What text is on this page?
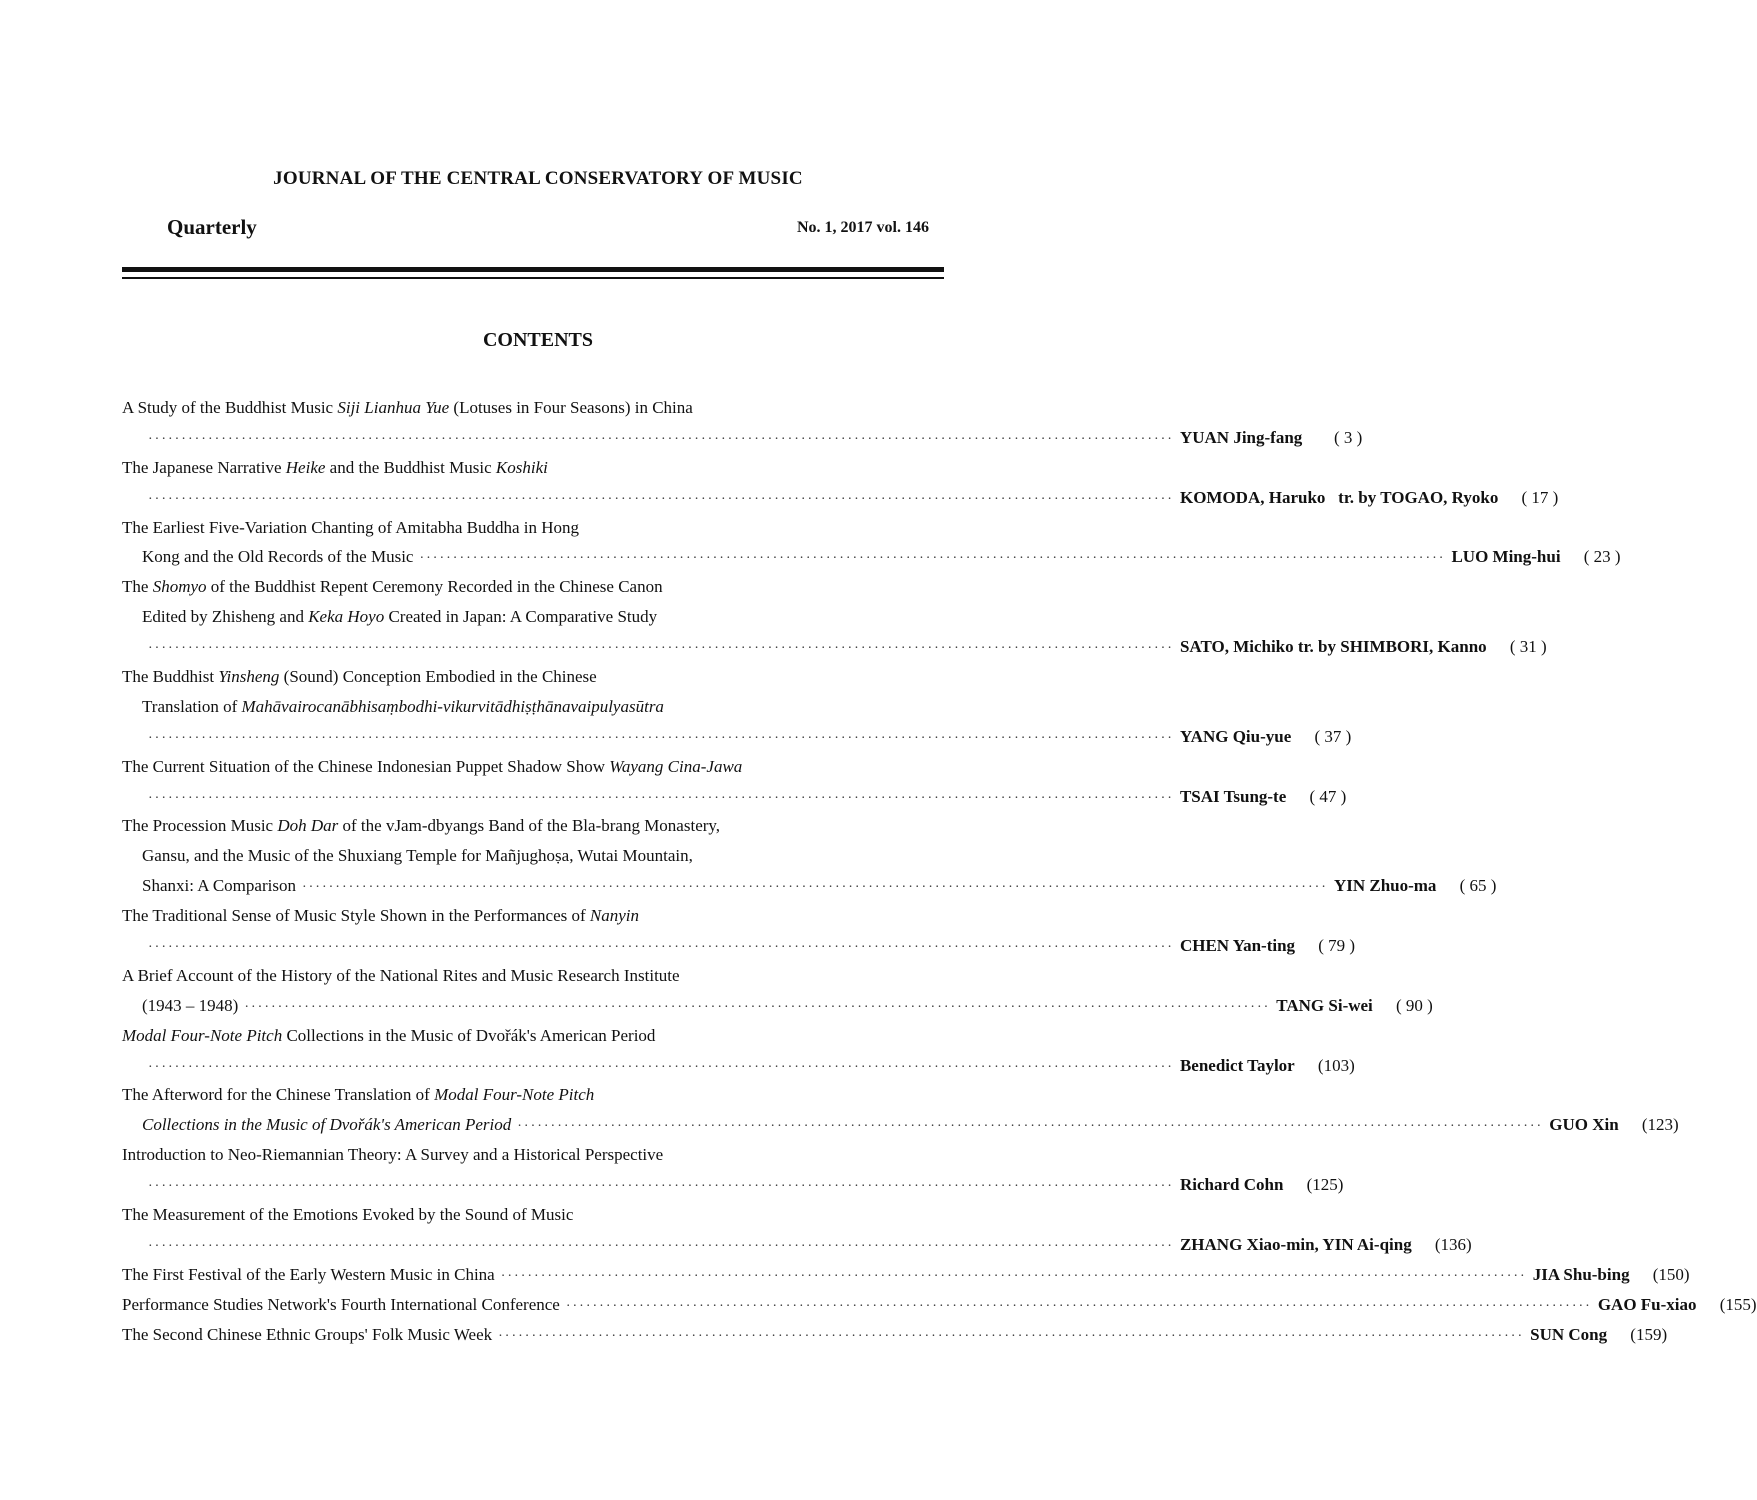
JOURNAL OF THE CENTRAL CONSERVATORY OF MUSIC
Quarterly	No. 1, 2017 vol. 146
CONTENTS
A Study of the Buddhist Music Siji Lianhua Yue (Lotuses in Four Seasons) in China
·························································································································································· YUAN Jing-fang	( 3 )
The Japanese Narrative Heike and the Buddhist Music Koshiki
·························································································································································· KOMODA, Haruko   tr. by TOGAO, Ryoko	( 17 )
The Earliest Five-Variation Chanting of Amitabha Buddha in Hong
Kong and the Old Records of the Music ·························································································································································· LUO Ming-hui	( 23 )
The Shomyo of the Buddhist Repent Ceremony Recorded in the Chinese Canon
Edited by Zhisheng and Keka Hoyo Created in Japan: A Comparative Study
·························································································································································· SATO, Michiko tr. by SHIMBORI, Kanno	( 31 )
The Buddhist Yinsheng (Sound) Conception Embodied in the Chinese
Translation of Mahāvairocanābhisaṃbodhi-vikurvitādhiṣṭhānavaipulyasūtra
·························································································································································· YANG Qiu-yue	( 37 )
The Current Situation of the Chinese Indonesian Puppet Shadow Show Wayang Cina-Jawa
·························································································································································· TSAI Tsung-te	( 47 )
The Procession Music Doh Dar of the vJam-dbyangs Band of the Bla-brang Monastery,
Gansu, and the Music of the Shuxiang Temple for Mañjughoṣa, Wutai Mountain,
Shanxi: A Comparison ·························································································································································· YIN Zhuo-ma	( 65 )
The Traditional Sense of Music Style Shown in the Performances of Nanyin
·························································································································································· CHEN Yan-ting	( 79 )
A Brief Account of the History of the National Rites and Music Research Institute
(1943 – 1948) ·························································································································································· TANG Si-wei	( 90 )
Modal Four-Note Pitch Collections in the Music of Dvořák's American Period
·························································································································································· Benedict Taylor	(103)
The Afterword for the Chinese Translation of Modal Four-Note Pitch
Collections in the Music of Dvořák's American Period ·························································································································································· GUO Xin	(123)
Introduction to Neo-Riemannian Theory: A Survey and a Historical Perspective
·························································································································································· Richard Cohn	(125)
The Measurement of the Emotions Evoked by the Sound of Music
·························································································································································· ZHANG Xiao-min, YIN Ai-qing	(136)
The First Festival of the Early Western Music in China ·························································································································································· JIA Shu-bing	(150)
Performance Studies Network's Fourth International Conference ·························································································································································· GAO Fu-xiao	(155)
The Second Chinese Ethnic Groups' Folk Music Week ·························································································································································· SUN Cong	(159)
